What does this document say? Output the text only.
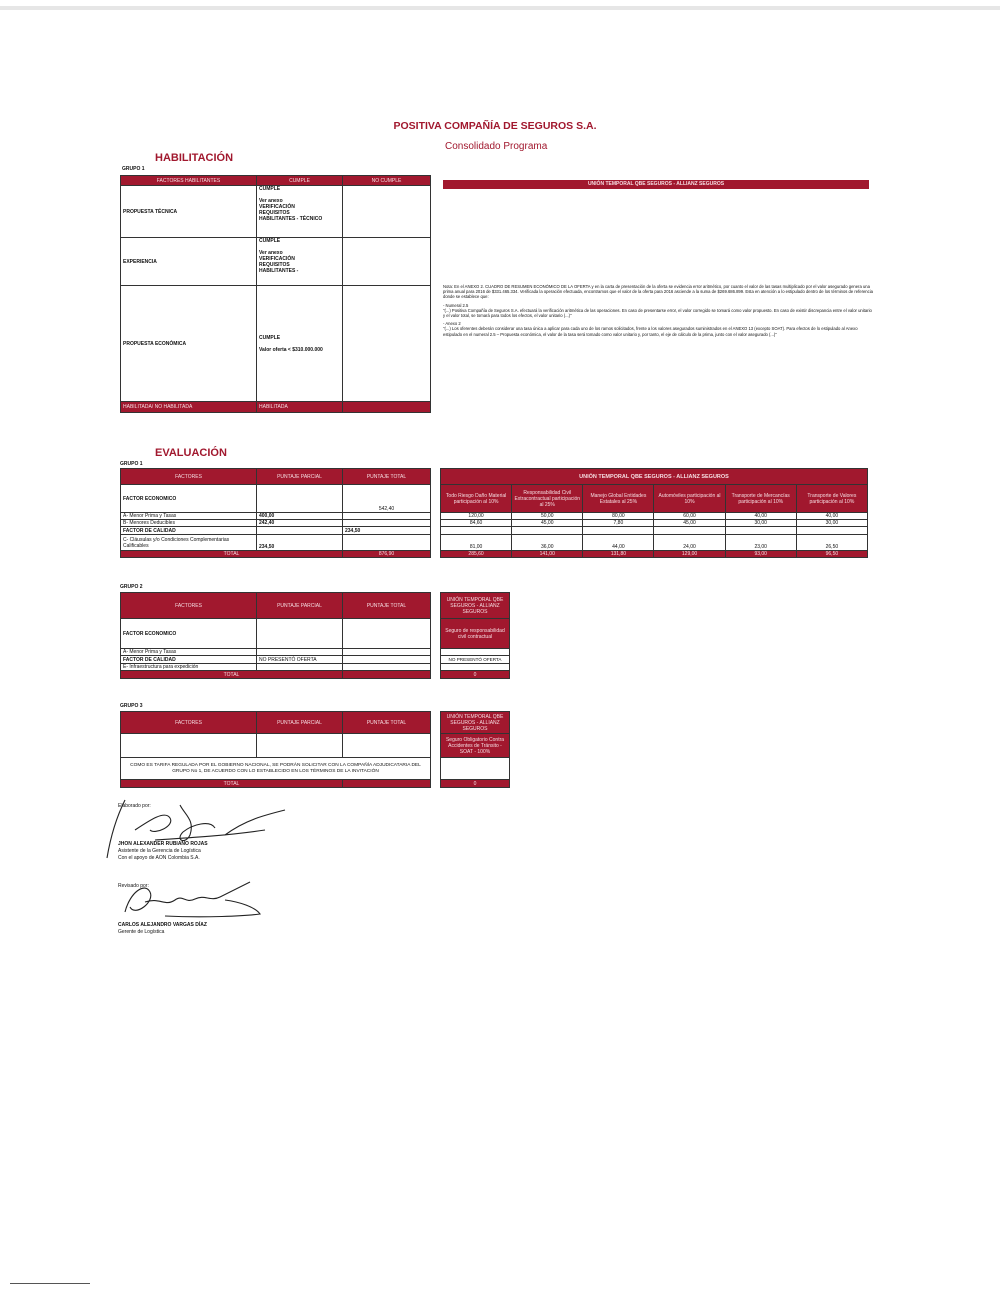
POSITIVA COMPAÑÍA DE SEGUROS S.A.
Consolidado Programa
HABILITACIÓN
GRUPO 1
FACTORES HABILITANTES	CUMPLE	NO CUMPLE
PROPUESTA TÉCNICA	CUMPLE

Ver anexo
VERIFICACIÓN
REQUISITOS
HABILITANTES - TÉCNICO	
EXPERIENCIA	CUMPLE

Ver anexo
VERIFICACIÓN
REQUISITOS
HABILITANTES -	
PROPUESTA ECONÓMICA	CUMPLE

Valor oferta < $310.000.000	
HABILITADA/ NO HABILITADA	HABILITADA	
UNIÓN TEMPORAL QBE SEGUROS - ALLIANZ SEGUROS

Nota: En el ANEXO 2. CUADRO DE RESUMEN ECONÓMICO DE LA OFERTA y en la carta de presentación de la oferta se evidencia error aritmético, por cuanto el valor de las tasas multiplicado por el valor asegurado genera una prima anual para 2016 de $331.465.334. Verificada la operación efectuada, encontramos que el valor de la oferta para 2016 asciende a la suma de $269.686.899. Esta en atención a lo estipulado dentro de los términos de referencia donde se establece que:

- Numeral 2.5
"(...) Positiva Compañía de Seguros S.A. efectuará la verificación aritmética de las operaciones. En caso de presentarse error, el valor corregido se tomará como valor propuesto. En caso de existir discrepancia entre el valor unitario y el valor total, se tomará para todos los efectos, el valor unitario (...)"

- Anexo 2
"(...) Los oferentes deberán considerar una tasa única a aplicar para cada uno de los ramos solicitados, frente a los valores asegurados suministrados en el ANEXO 13 (excepto SOAT). Para efectos de lo estipulado al Anexo estipulado en el numeral 2.5 – Propuesta económica, el valor de la tasa será tomado como valor unitario y, por tanto, el eje de cálculo de la prima, junto con el valor asegurado (...)"

EVALUACIÓN
GRUPO 1
FACTORES	PUNTAJE PARCIAL	PUNTAJE TOTAL
FACTOR ECONOMICO		542,40
A- Menor Prima y Tasas	400,00	
B- Menores Deducibles	242,40	
FACTOR DE CALIDAD		234,50
C- Cláusulas y/o Condiciones Complementarias Calificables	234,50	
TOTAL		876,90
UNIÓN TEMPORAL QBE SEGUROS - ALLIANZ SEGUROS					
Todo Riesgo Daño Material participación al 10%	Responsabilidad Civil Extracontractual participación al 25%	Manejo Global Entidades Estatales al 25%	Automóviles participación al 10%	Transporte de Mercancías participación al 10%	Transporte de Valores participación al 10%
120,00	50,00	80,00	60,00	40,00	40,00
84,60	45,00	7,80	45,00	30,00	30,00

81,00	36,00	44,00	24,00	23,00	26,50
285,60	141,00	131,80	129,00	93,00	96,50
GRUPO 2
FACTORES	PUNTAJE PARCIAL	PUNTAJE TOTAL
FACTOR ECONOMICO		
A- Menor Prima y Tasas		
FACTOR DE CALIDAD	NO PRESENTÓ OFERTA	
E- Infraestructura para expedición		
TOTAL		
UNIÓN TEMPORAL QBE SEGUROS - ALLIANZ SEGUROS
Seguro de responsabilidad civil contractual

NO PRESENTÓ OFERTA

0
GRUPO 3
FACTORES	PUNTAJE PARCIAL	PUNTAJE TOTAL

COMO ES TARIFA REGULADA POR EL GOBIERNO NACIONAL, SE PODRÁN SOLICITAR CON LA COMPAÑÍA ADJUDICATARIA DEL GRUPO No 1, DE ACUERDO CON LO ESTABLECIDO EN LOS TÉRMINOS DE LA INVITACIÓN		
TOTAL		
UNIÓN TEMPORAL QBE SEGUROS - ALLIANZ SEGUROS
Seguro Obligatorio Contra Accidentes de Tránsito - SOAT - 100%

0
Elaborado por:
JHON ALEXANDER RUBIANO ROJAS
Asistente de la Gerencia de Logística
Con el apoyo de AON Colombia S.A.
Revisado por:
CARLOS ALEJANDRO VARGAS DÍAZ
Gerente de Logística
